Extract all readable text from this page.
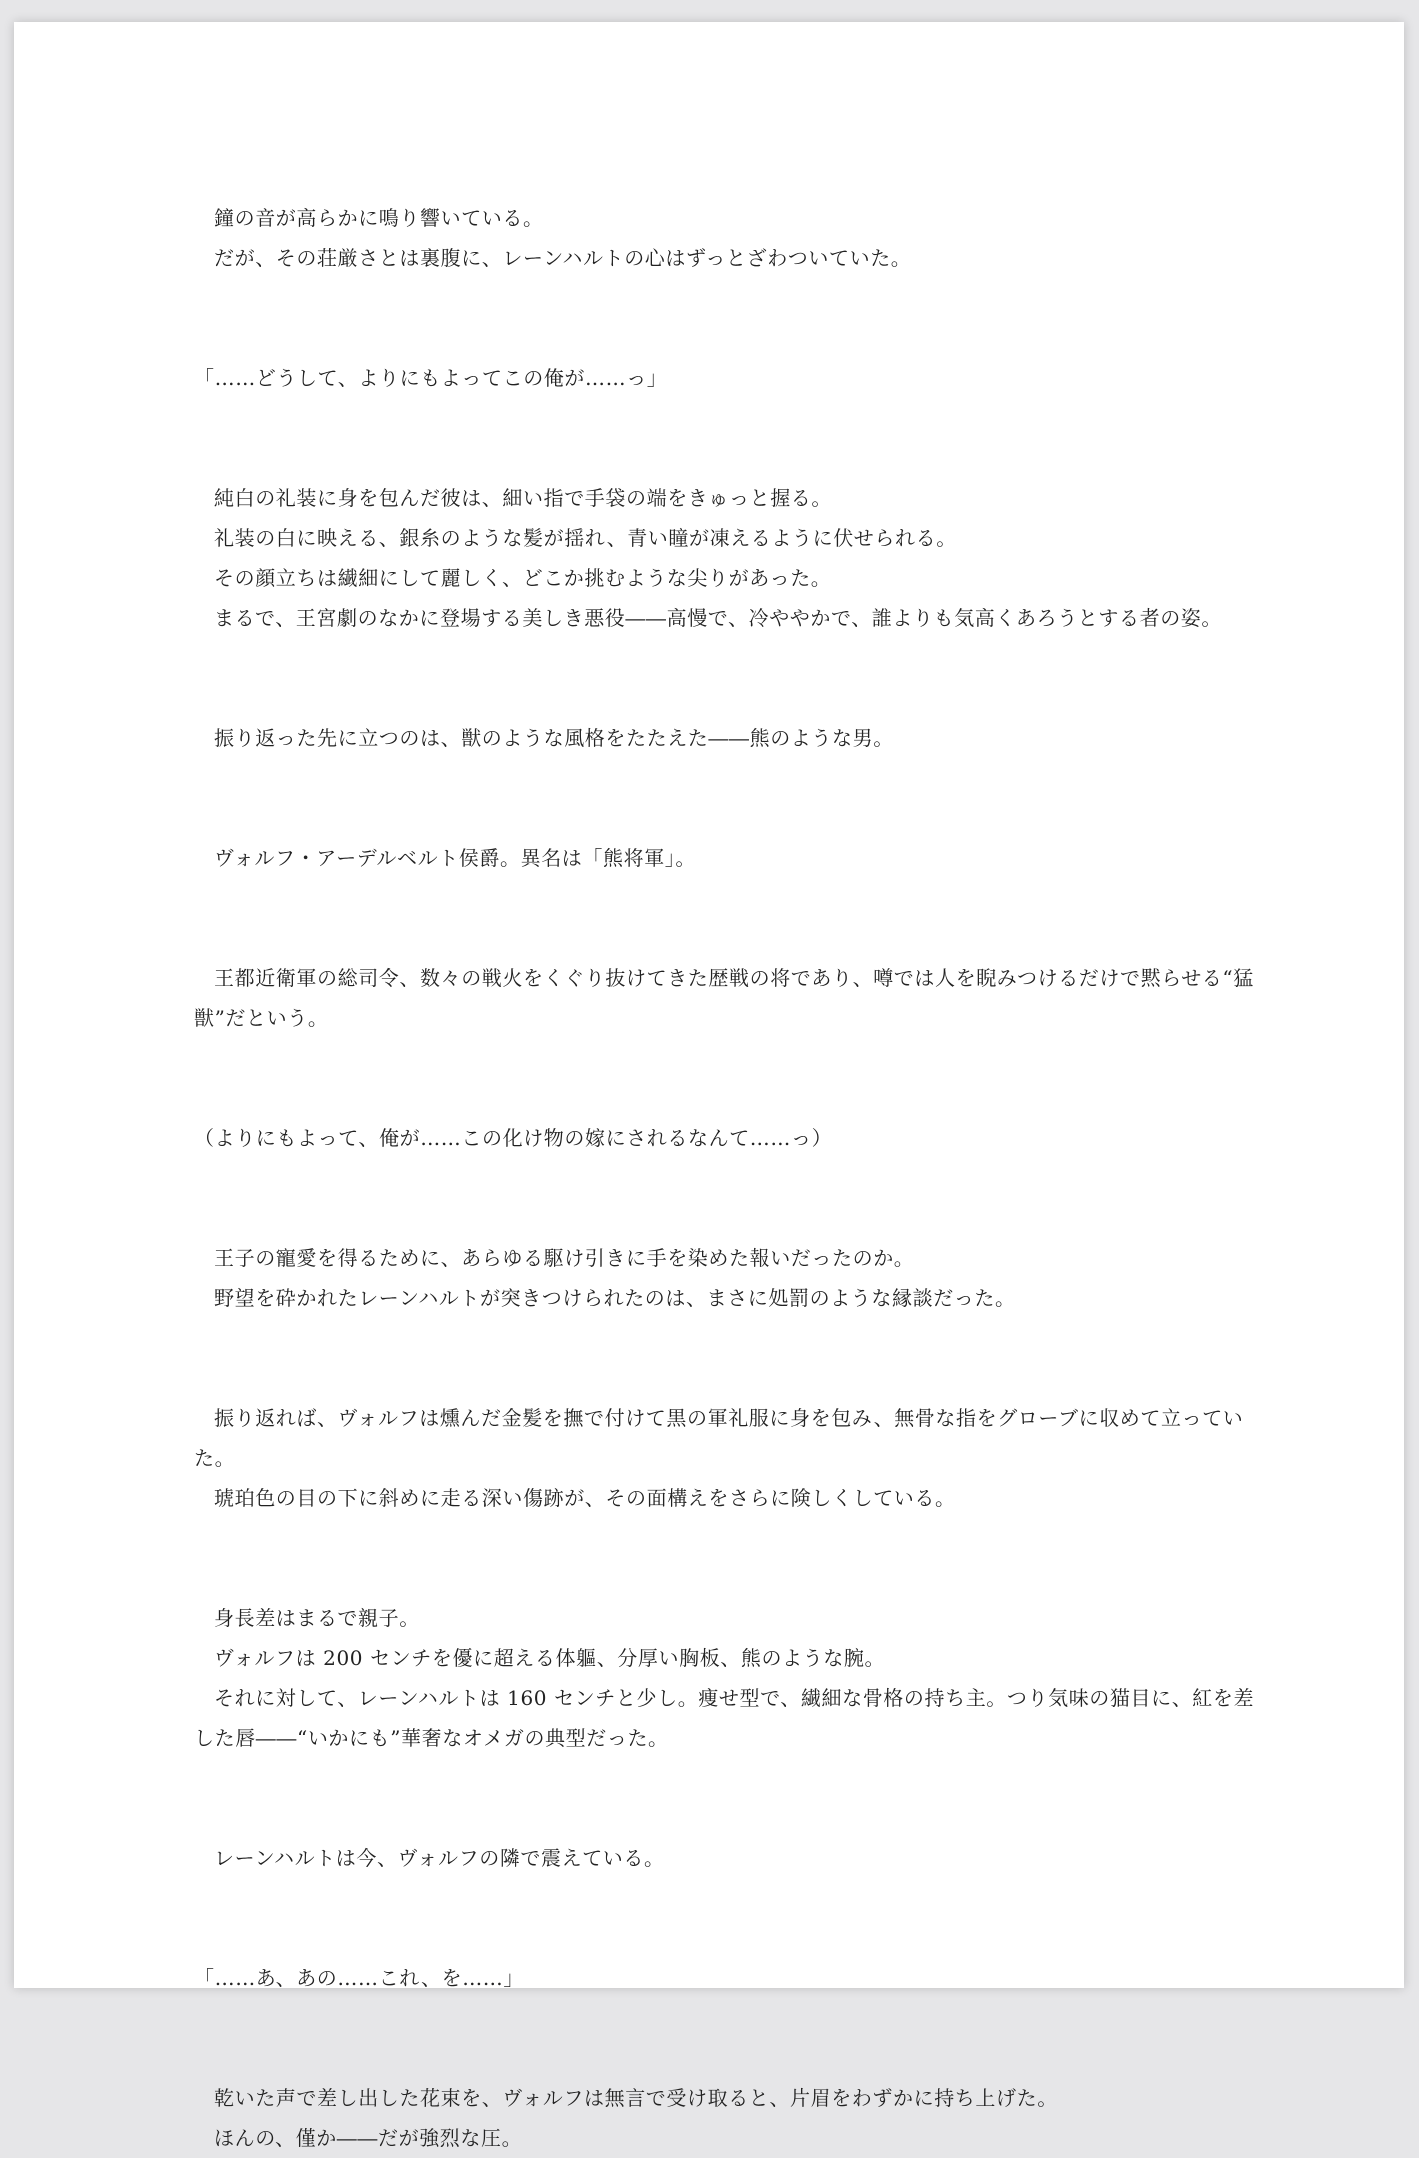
鐘の音が高らかに鳴り響いている。

だが、その荘厳さとは裏腹に、レーンハルトの心はずっとざわついていた。

「……どうして、よりにもよってこの俺が……っ」

純白の礼装に身を包んだ彼は、細い指で手袋の端をきゅっと握る。

礼装の白に映える、銀糸のような髪が揺れ、青い瞳が凍えるように伏せられる。

その顔立ちは繊細にして麗しく、どこか挑むような尖りがあった。

まるで、王宮劇のなかに登場する美しき悪役――高慢で、冷ややかで、誰よりも気高くあろうとする者の姿。

振り返った先に立つのは、獣のような風格をたたえた――熊のような男。

ヴォルフ・アーデルベルト侯爵。異名は「熊将軍」。

王都近衛軍の総司令、数々の戦火をくぐり抜けてきた歴戦の将であり、噂では人を睨みつけるだけで黙らせる“猛獣”だという。

（よりにもよって、俺が……この化け物の嫁にされるなんて……っ）

王子の寵愛を得るために、あらゆる駆け引きに手を染めた報いだったのか。

野望を砕かれたレーンハルトが突きつけられたのは、まさに処罰のような縁談だった。

振り返れば、ヴォルフは燻んだ金髪を撫で付けて黒の軍礼服に身を包み、無骨な指をグローブに収めて立っていた。

琥珀色の目の下に斜めに走る深い傷跡が、その面構えをさらに険しくしている。

身長差はまるで親子。

ヴォルフは 200 センチを優に超える体軀、分厚い胸板、熊のような腕。

それに対して、レーンハルトは 160 センチと少し。痩せ型で、繊細な骨格の持ち主。つり気味の猫目に、紅を差した唇――“いかにも”華奢なオメガの典型だった。

レーンハルトは今、ヴォルフの隣で震えている。

「……あ、あの……これ、を……」

乾いた声で差し出した花束を、ヴォルフは無言で受け取ると、片眉をわずかに持ち上げた。

ほんの、僅か――だが強烈な圧。
